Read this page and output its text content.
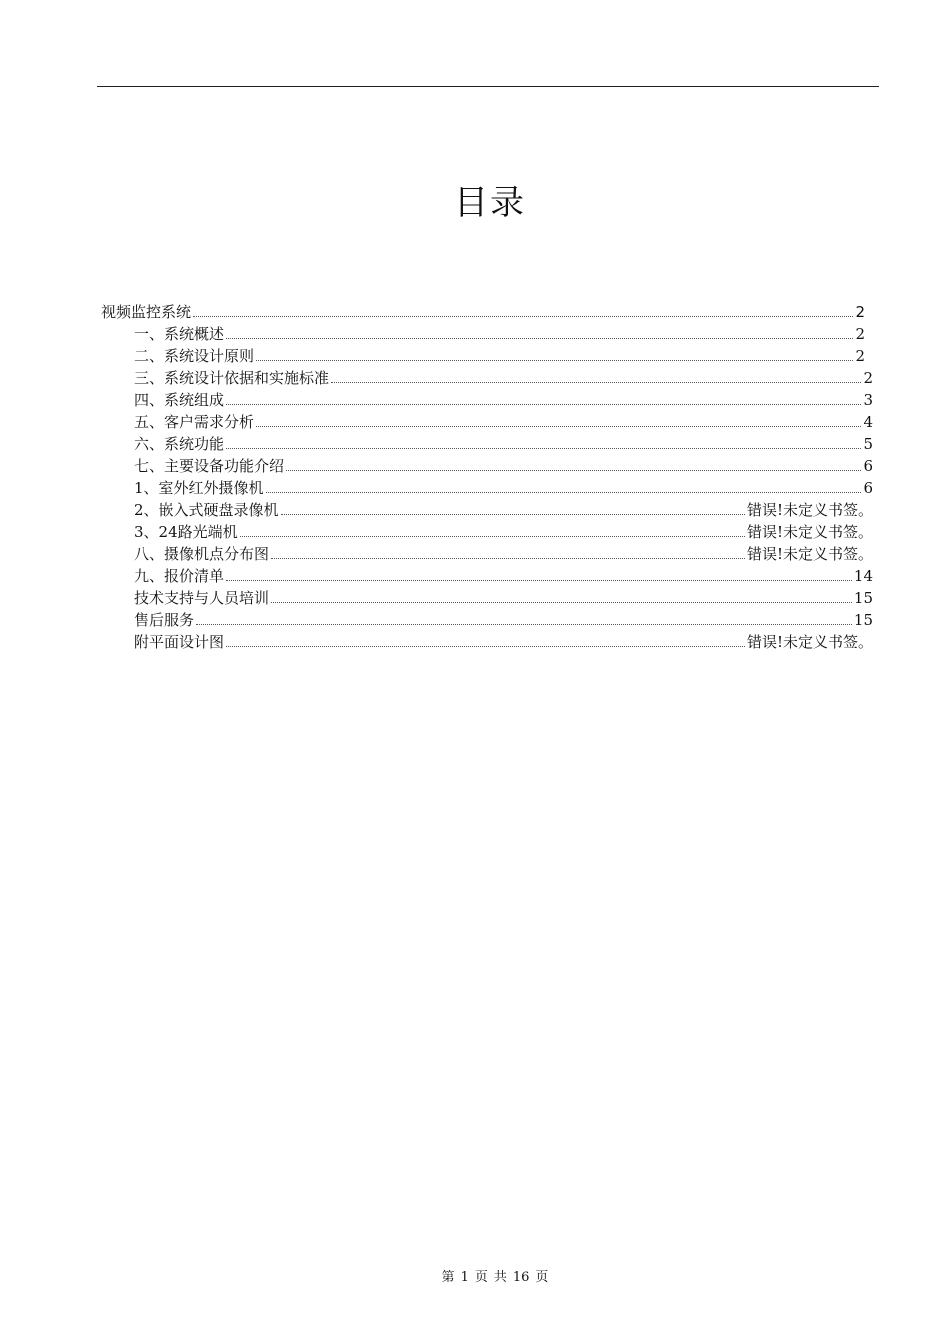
目录
视频监控系统	2
一、系统概述	2
二、系统设计原则	2
三、系统设计依据和实施标准	2
四、系统组成	3
五、客户需求分析	4
六、系统功能	5
七、主要设备功能介绍	6
1、室外红外摄像机	6
2、嵌入式硬盘录像机	错误!未定义书签。
3、24路光端机	错误!未定义书签。
八、摄像机点分布图	错误!未定义书签。
九、报价清单	14
技术支持与人员培训	15
售后服务	15
附平面设计图	错误!未定义书签。
第 1 页 共 16 页
